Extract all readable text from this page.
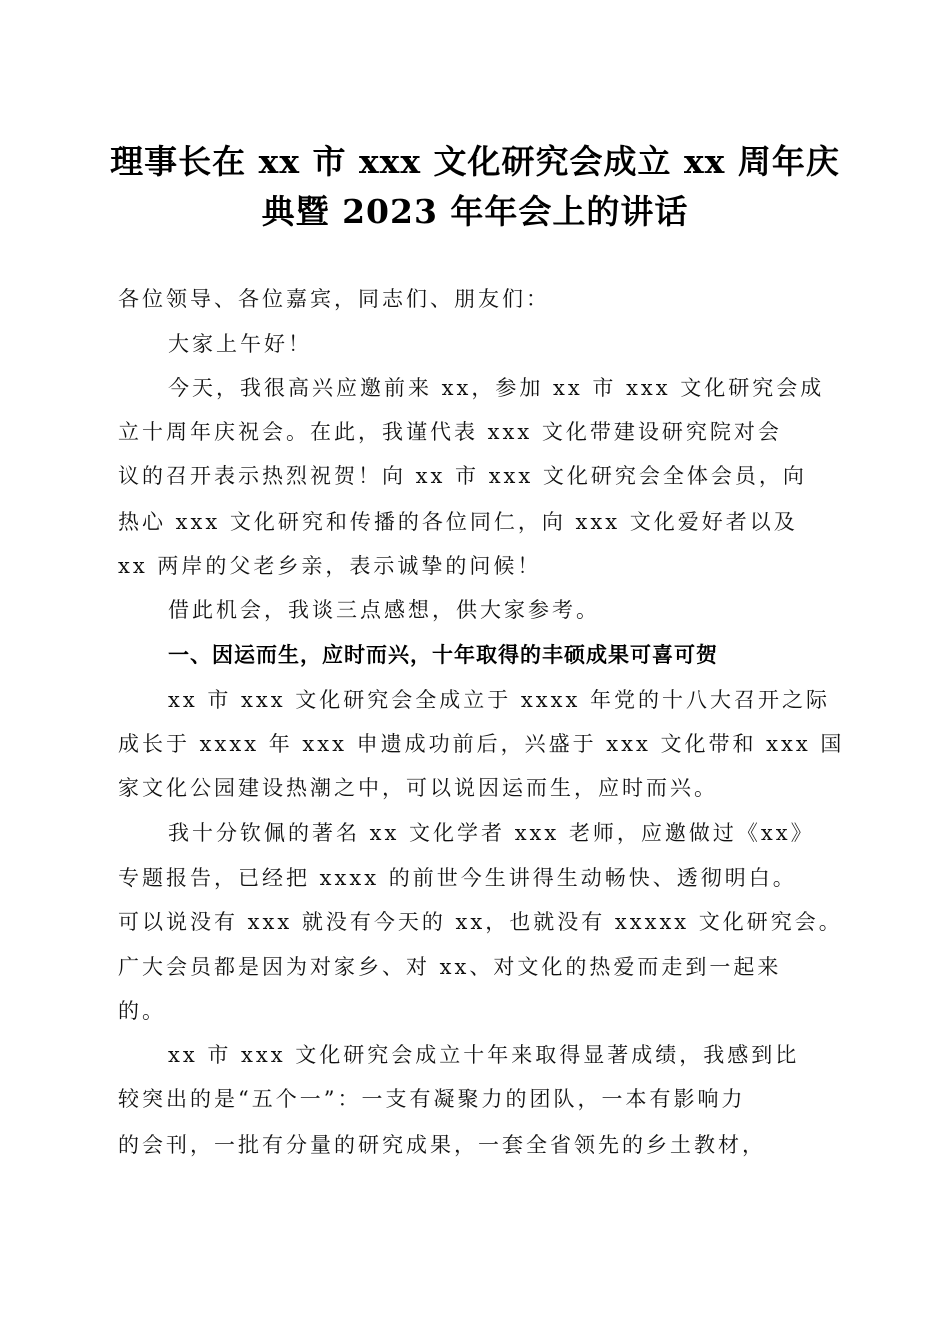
理事长在 xx 市 xxx 文化研究会成立 xx 周年庆
典暨 2023 年年会上的讲话
各位领导、各位嘉宾，同志们、朋友们：
大家上午好！
今天，我很高兴应邀前来 xx，参加 xx 市 xxx 文化研究会成
立十周年庆祝会。在此，我谨代表 xxx 文化带建设研究院对会
议的召开表示热烈祝贺！向 xx 市 xxx 文化研究会全体会员，向
热心 xxx 文化研究和传播的各位同仁，向 xxx 文化爱好者以及
xx 两岸的父老乡亲，表示诚挚的问候！
借此机会，我谈三点感想，供大家参考。
一、因运而生，应时而兴，十年取得的丰硕成果可喜可贺
xx 市 xxx 文化研究会全成立于 xxxx 年党的十八大召开之际
成长于 xxxx 年 xxx 申遗成功前后，兴盛于 xxx 文化带和 xxx 国
家文化公园建设热潮之中，可以说因运而生，应时而兴。
我十分钦佩的著名 xx 文化学者 xxx 老师，应邀做过《xx》
专题报告，已经把 xxxx 的前世今生讲得生动畅快、透彻明白。
可以说没有 xxx 就没有今天的 xx，也就没有 xxxxx 文化研究会。
广大会员都是因为对家乡、对 xx、对文化的热爱而走到一起来
的。
xx 市 xxx 文化研究会成立十年来取得显著成绩，我感到比
较突出的是“五个一”：一支有凝聚力的团队，一本有影响力
的会刊，一批有分量的研究成果，一套全省领先的乡土教材，
